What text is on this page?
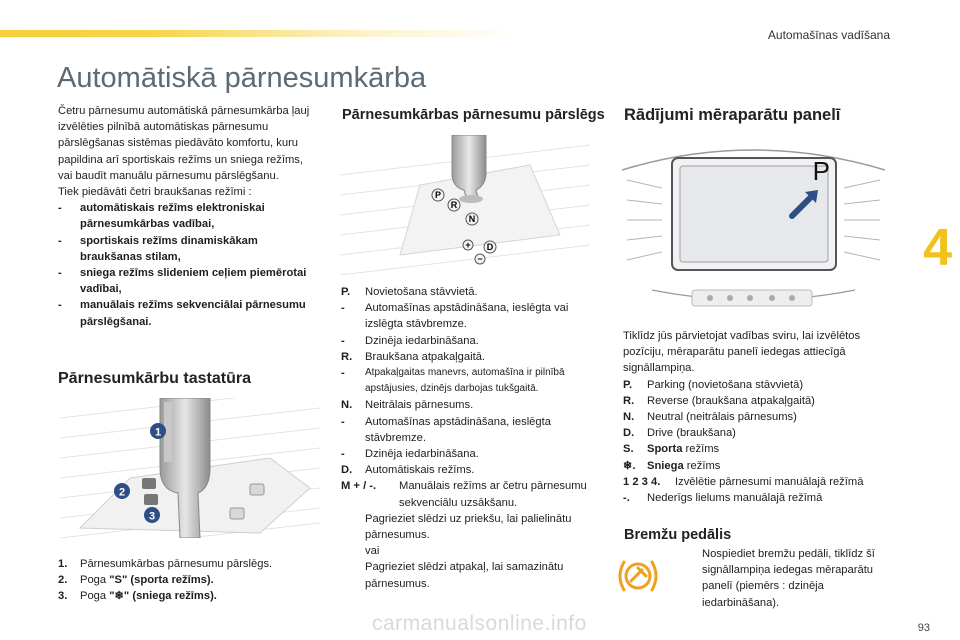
Automašīnas vadīšana
4
Automātiskā pārnesumkārba

Četru pārnesumu automātiskā pārnesumkārba ļauj izvēlēties pilnībā automātiskas pārnesumu pārslēgšanas sistēmas piedāvāto komfortu, kuru papildina arī sportiskais režīms un sniega režīms, vai baudīt manuālu pārnesumu pārslēgšanu.

Tiek piedāvāti četri braukšanas režīmi :

-	automātiskais režīms elektroniskai pārnesumkārbas vadībai,
-	sportiskais režīms dinamiskākam braukšanas stilam,
-	sniega režīms slideniem ceļiem piemērotai vadībai,
-	manuālais režīms sekvenciālai pārnesumu pārslēgšanai.
Pārnesumkārbu tastatūra
1
2
3
1.	Pārnesumkārbas pārnesumu pārslēgs.
2.	Poga "S" (sporta režīms).
3.	Poga "❄" (sniega režīms).
Pārnesumkārbas pārnesumu pārslēgs
P
R
N
D
+
−
P.	Novietošana stāvvietā.
-	Automašīnas apstādināšana, ieslēgta vai izslēgta stāvbremze.
-	Dzinēja iedarbināšana.
R.	Braukšana atpakaļgaitā.
-	Atpakaļgaitas manevrs, automašīna ir pilnībā apstājusies, dzinējs darbojas tukšgaitā.
N.	Neitrālais pārnesums.
-	Automašīnas apstādināšana, ieslēgta stāvbremze.
-	Dzinēja iedarbināšana.
D.	Automātiskais režīms.
M + / -.	Manuālais režīms ar četru pārnesumu sekvenciālu uzsākšanu.
Pagrieziet slēdzi uz priekšu, lai palielinātu pārnesumus.
vai
Pagrieziet slēdzi atpakaļ, lai samazinātu pārnesumus.
Rādījumi mēraparātu panelī
P

Tiklīdz jūs pārvietojat vadības sviru, lai izvēlētos pozīciju, mēraparātu panelī iedegas attiecīgā signāllampiņa.

P.	Parking (novietošana stāvvietā)
R.	Reverse (braukšana atpakaļgaitā)
N.	Neutral (neitrālais pārnesums)
D.	Drive (braukšana)
S.	Sporta režīms
❄.	Sniega režīms
1 2 3 4.	Izvēlētie pārnesumi manuālajā režīmā
-.	Nederīgs lielums manuālajā režīmā
Bremžu pedālis
Nospiediet bremžu pedāli, tiklīdz šī signāllampiņa iedegas mēraparātu panelī (piemērs : dzinēja iedarbināšana).
carmanualsonline.info	93
